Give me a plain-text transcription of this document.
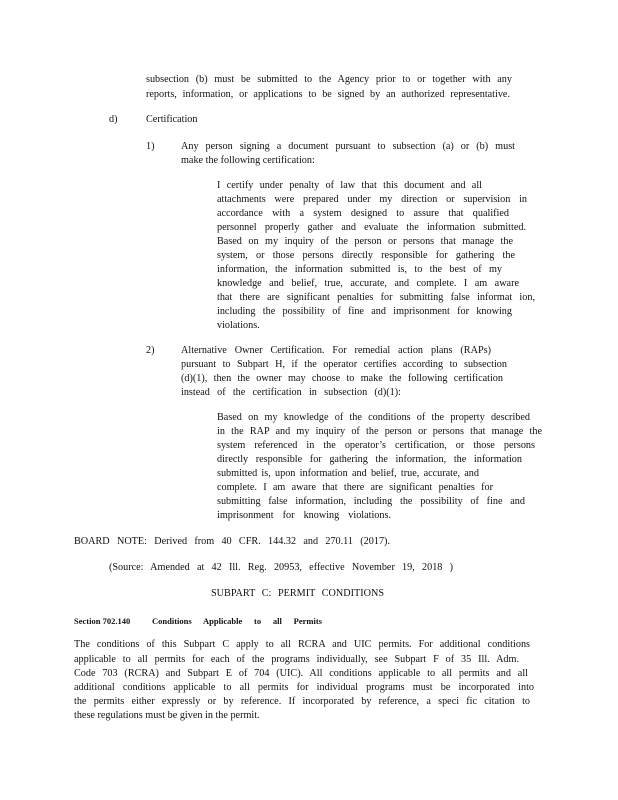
subsection (b) must be submitted to the Agency prior to or together with any
reports, information, or applications to be signed by an authorized representative.
d)	Certification
1)	Any person signing a document pursuant to subsection (a) or (b) must
make the following certification:
I certify under penalty of law that this document and all
attachments were prepared under my direction or supervision in
accordance with a system designed to assure that qualified
personnel properly gather and evaluate the information submitted.
Based on my inquiry of the person or persons that manage the
system, or those persons directly responsible for gathering the
information, the information submitted is, to the best of my
knowledge and belief, true, accurate, and complete. I am aware
that there are significant penalties for submitting false informat ion,
including the possibility of fine and imprisonment for knowing
violations.
2)	Alternative Owner Certification. For remedial action plans (RAPs)
pursuant to Subpart H, if the operator certifies according to subsection
(d)(1), then the owner may choose to make the following certification
instead of the certification in subsection (d)(1):
Based on my knowledge of the conditions of the property described
in the RAP and my inquiry of the person or persons that manage the
system referenced in the operator’s certification, or those persons
directly responsible for gathering the information, the information
submitted is, upon information and belief, true, accurate, and
complete. I am aware that there are significant penalties for
submitting false information, including the possibility of fine and
imprisonment for knowing violations.
BOARD NOTE: Derived from 40 CFR. 144.32 and 270.11 (2017).
(Source: Amended at 42 Ill. Reg. 20953, effective November 19, 2018 )
SUBPART C: PERMIT CONDITIONS
Section 702.140	Conditions Applicable to all Permits
The conditions of this Subpart C apply to all RCRA and UIC permits. For additional conditions
applicable to all permits for each of the programs individually, see Subpart F of 35 Ill. Adm.
Code 703 (RCRA) and Subpart E of 704 (UIC). All conditions applicable to all permits and all
additional conditions applicable to all permits for individual programs must be incorporated into
the permits either expressly or by reference. If incorporated by reference, a speci fic citation to
these regulations must be given in the permit.
